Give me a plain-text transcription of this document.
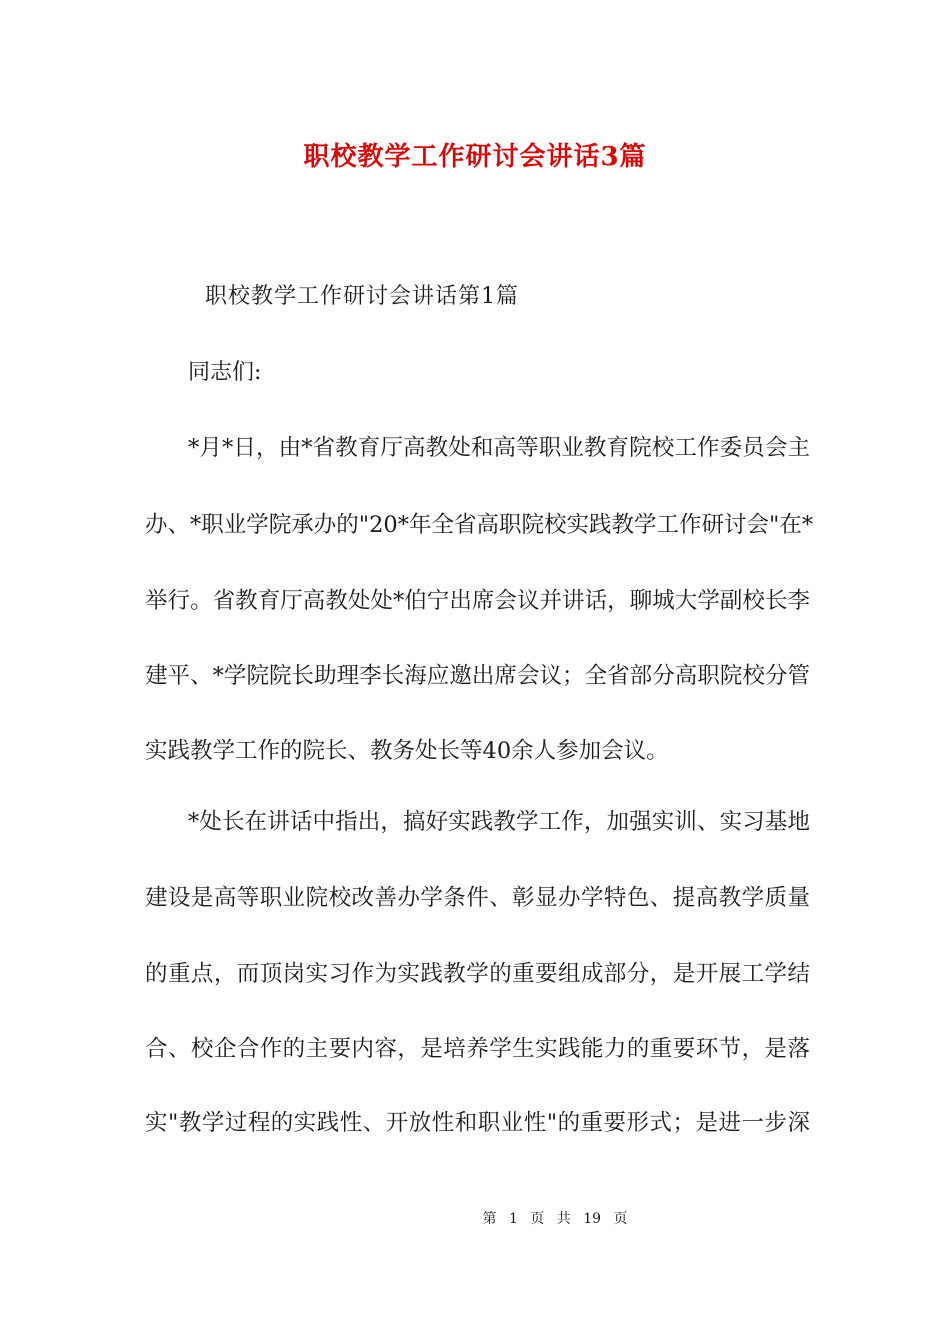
职校教学工作研讨会讲话3篇
职校教学工作研讨会讲话第1篇
同志们:
*月*日，由*省教育厅高教处和高等职业教育院校工作委员会主
办、*职业学院承办的"20*年全省高职院校实践教学工作研讨会"在*
举行。省教育厅高教处处*伯宁出席会议并讲话，聊城大学副校长李
建平、*学院院长助理李长海应邀出席会议；全省部分高职院校分管
实践教学工作的院长、教务处长等40余人参加会议。
*处长在讲话中指出，搞好实践教学工作，加强实训、实习基地
建设是高等职业院校改善办学条件、彰显办学特色、提高教学质量
的重点，而顶岗实习作为实践教学的重要组成部分，是开展工学结
合、校企合作的主要内容，是培养学生实践能力的重要环节，是落
实"教学过程的实践性、开放性和职业性"的重要形式；是进一步深
第 1 页 共 19 页
